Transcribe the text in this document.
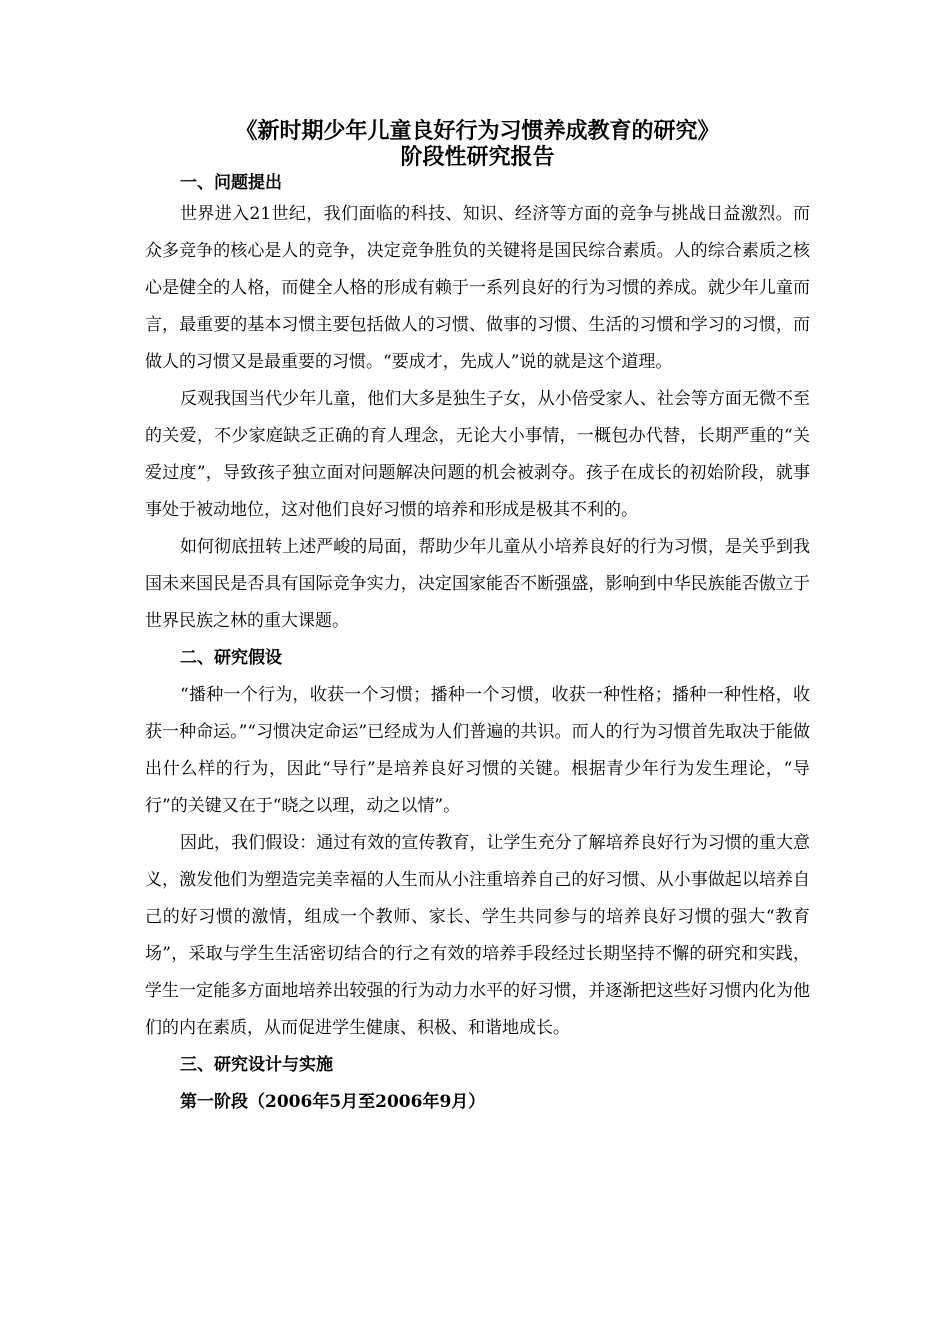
《新时期少年儿童良好行为习惯养成教育的研究》

阶段性研究报告

一、问题提出

世界进入21世纪，我们面临的科技、知识、经济等方面的竞争与挑战日益激烈。而众多竞争的核心是人的竞争，决定竞争胜负的关键将是国民综合素质。人的综合素质之核心是健全的人格，而健全人格的形成有赖于一系列良好的行为习惯的养成。就少年儿童而言，最重要的基本习惯主要包括做人的习惯、做事的习惯、生活的习惯和学习的习惯，而做人的习惯又是最重要的习惯。“要成才，先成人”说的就是这个道理。

反观我国当代少年儿童，他们大多是独生子女，从小倍受家人、社会等方面无微不至的关爱，不少家庭缺乏正确的育人理念，无论大小事情，一概包办代替，长期严重的“关爱过度”，导致孩子独立面对问题解决问题的机会被剥夺。孩子在成长的初始阶段，就事事处于被动地位，这对他们良好习惯的培养和形成是极其不利的。

如何彻底扭转上述严峻的局面，帮助少年儿童从小培养良好的行为习惯，是关乎到我国未来国民是否具有国际竞争实力，决定国家能否不断强盛，影响到中华民族能否傲立于世界民族之林的重大课题。

二、研究假设

“播种一个行为，收获一个习惯；播种一个习惯，收获一种性格；播种一种性格，收获一种命运。”“习惯决定命运”已经成为人们普遍的共识。而人的行为习惯首先取决于能做出什么样的行为，因此“导行”是培养良好习惯的关键。根据青少年行为发生理论，“导行”的关键又在于“晓之以理，动之以情”。

因此，我们假设：通过有效的宣传教育，让学生充分了解培养良好行为习惯的重大意义，激发他们为塑造完美幸福的人生而从小注重培养自己的好习惯、从小事做起以培养自己的好习惯的激情，组成一个教师、家长、学生共同参与的培养良好习惯的强大“教育场”，采取与学生生活密切结合的行之有效的培养手段经过长期坚持不懈的研究和实践，学生一定能多方面地培养出较强的行为动力水平的好习惯，并逐渐把这些好习惯内化为他们的内在素质，从而促进学生健康、积极、和谐地成长。

三、研究设计与实施

第一阶段（2006年5月至2006年9月）
